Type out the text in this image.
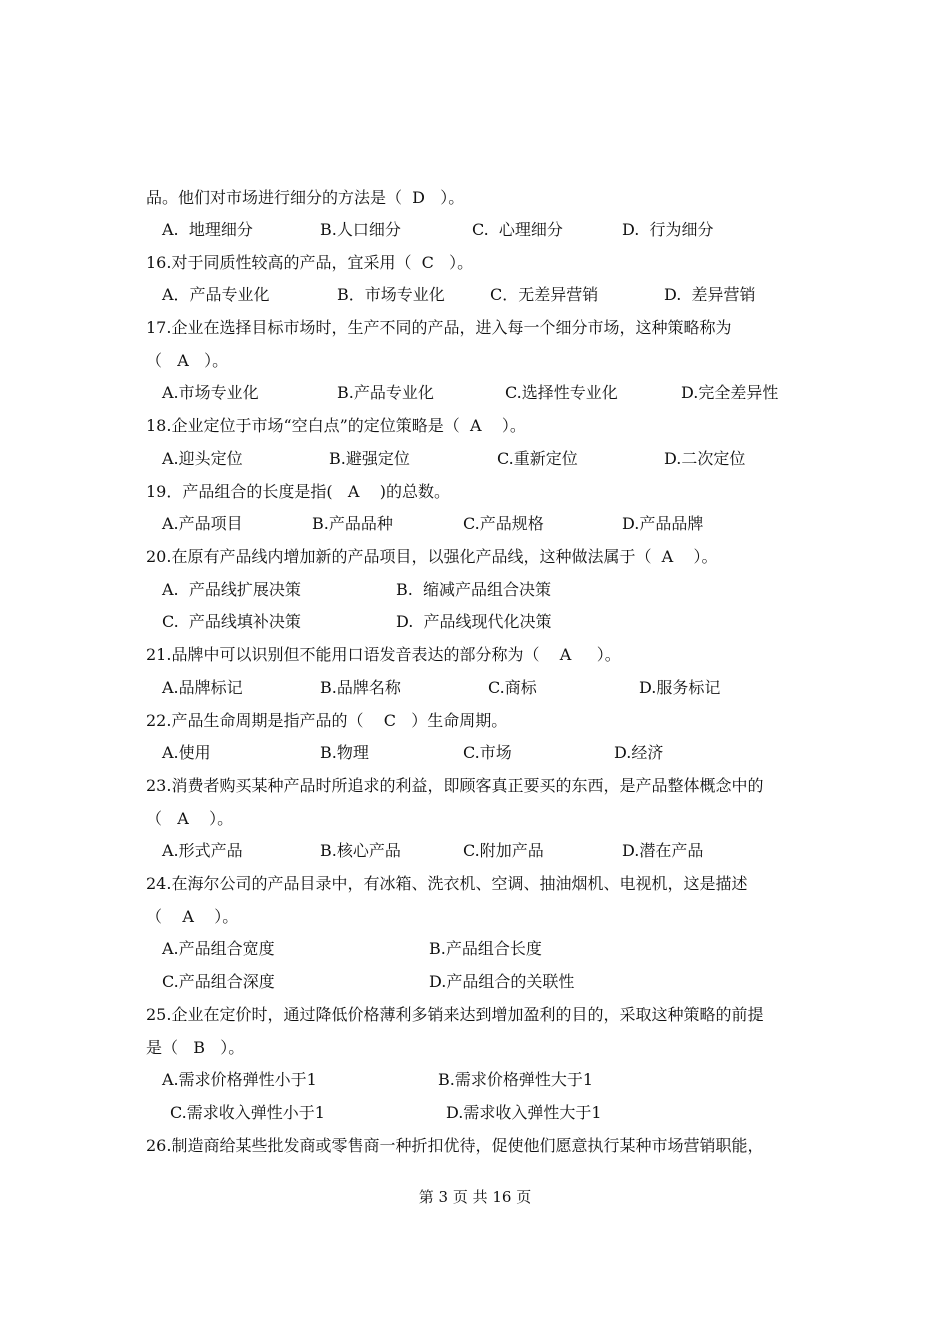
品。他们对市场进行细分的方法是（  D   ）。
A.  地理细分	B.人口细分	C.  心理细分	D.  行为细分
16.对于同质性较高的产品，宜采用（  C   ）。
A．产品专业化	B．市场专业化	C．无差异营销	D.  差异营销
17.企业在选择目标市场时，生产不同的产品，进入每一个细分市场，这种策略称为
（   A   ）。
A.市场专业化	B.产品专业化	C.选择性专业化	D.完全差异性
18.企业定位于市场“空白点”的定位策略是（  A    ）。
A.迎头定位	B.避强定位	C.重新定位	D.二次定位
19．产品组合的长度是指(   A    )的总数。
A.产品项目	B.产品品种	C.产品规格	D.产品品牌
20.在原有产品线内增加新的产品项目，以强化产品线，这种做法属于（  A    ）。
A.  产品线扩展决策	B.  缩减产品组合决策
C.  产品线填补决策	D.  产品线现代化决策
21.品牌中可以识别但不能用口语发音表达的部分称为（    A     ）。
A.品牌标记	B.品牌名称	C.商标	D.服务标记
22.产品生命周期是指产品的（    C   ）生命周期。
A.使用	B.物理	C.市场	D.经济
23.消费者购买某种产品时所追求的利益，即顾客真正要买的东西，是产品整体概念中的
（   A    ）。
A.形式产品	B.核心产品	C.附加产品	D.潜在产品
24.在海尔公司的产品目录中，有冰箱、洗衣机、空调、抽油烟机、电视机，这是描述
（    A    ）。
A.产品组合宽度	B.产品组合长度
C.产品组合深度	D.产品组合的关联性
25.企业在定价时，通过降低价格薄利多销来达到增加盈利的目的，采取这种策略的前提
是（   B   ）。
A.需求价格弹性小于1	B.需求价格弹性大于1
C.需求收入弹性小于1	D.需求收入弹性大于1
26.制造商给某些批发商或零售商一种折扣优待，促使他们愿意执行某种市场营销职能，
第 3 页 共 16 页
